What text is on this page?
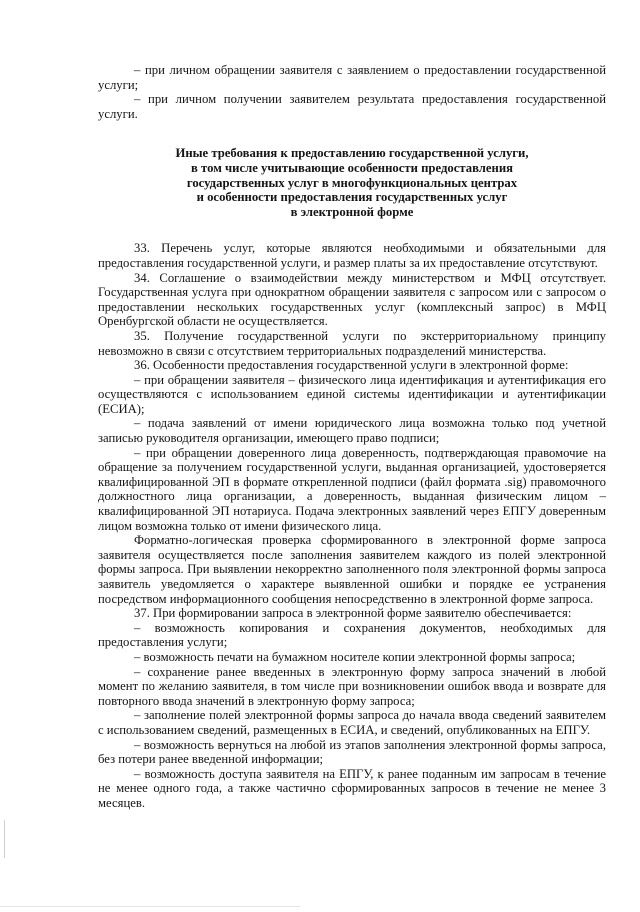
– при личном обращении заявителя с заявлением о предоставлении государственной услуги;

– при личном получении заявителем результата предоставления государственной услуги.

Иные требования к предоставлению государственной услуги,
в том числе учитывающие особенности предоставления
государственных услуг в многофункциональных центрах
и особенности предоставления государственных услуг
в электронной форме

33. Перечень услуг, которые являются необходимыми и обязательными для предоставления государственной услуги, и размер платы за их предоставление отсутствуют.

34. Соглашение о взаимодействии между министерством и МФЦ отсутствует. Государственная услуга при однократном обращении заявителя с запросом или с запросом о предоставлении нескольких государственных услуг (комплексный запрос) в МФЦ Оренбургской области не осуществляется.

35. Получение государственной услуги по экстерриториальному принципу невозможно в связи с отсутствием территориальных подразделений министерства.

36. Особенности предоставления государственной услуги в электронной форме:

– при обращении заявителя – физического лица идентификация и аутентификация его осуществляются с использованием единой системы идентификации и аутентификации (ЕСИА);

– подача заявлений от имени юридического лица возможна только под учетной записью руководителя организации, имеющего право подписи;

– при обращении доверенного лица доверенность, подтверждающая правомочие на обращение за получением государственной услуги, выданная организацией, удостоверяется квалифицированной ЭП в формате открепленной подписи (файл формата .sig) правомочного должностного лица организации, а доверенность, выданная физическим лицом – квалифицированной ЭП нотариуса. Подача электронных заявлений через ЕПГУ доверенным лицом возможна только от имени физического лица.

Форматно-логическая проверка сформированного в электронной форме запроса заявителя осуществляется после заполнения заявителем каждого из полей электронной формы запроса. При выявлении некорректно заполненного поля электронной формы запроса заявитель уведомляется о характере выявленной ошибки и порядке ее устранения посредством информационного сообщения непосредственно в электронной форме запроса.

37. При формировании запроса в электронной форме заявителю обеспечивается:

– возможность копирования и сохранения документов, необходимых для предоставления услуги;

– возможность печати на бумажном носителе копии электронной формы запроса;

– сохранение ранее введенных в электронную форму запроса значений в любой момент по желанию заявителя, в том числе при возникновении ошибок ввода и возврате для повторного ввода значений в электронную форму запроса;

– заполнение полей электронной формы запроса до начала ввода сведений заявителем с использованием сведений, размещенных в ЕСИА, и сведений, опубликованных на ЕПГУ.

– возможность вернуться на любой из этапов заполнения электронной формы запроса, без потери ранее введенной информации;

– возможность доступа заявителя на ЕПГУ, к ранее поданным им запросам в течение не менее одного года, а также частично сформированных запросов в течение не менее 3 месяцев.
